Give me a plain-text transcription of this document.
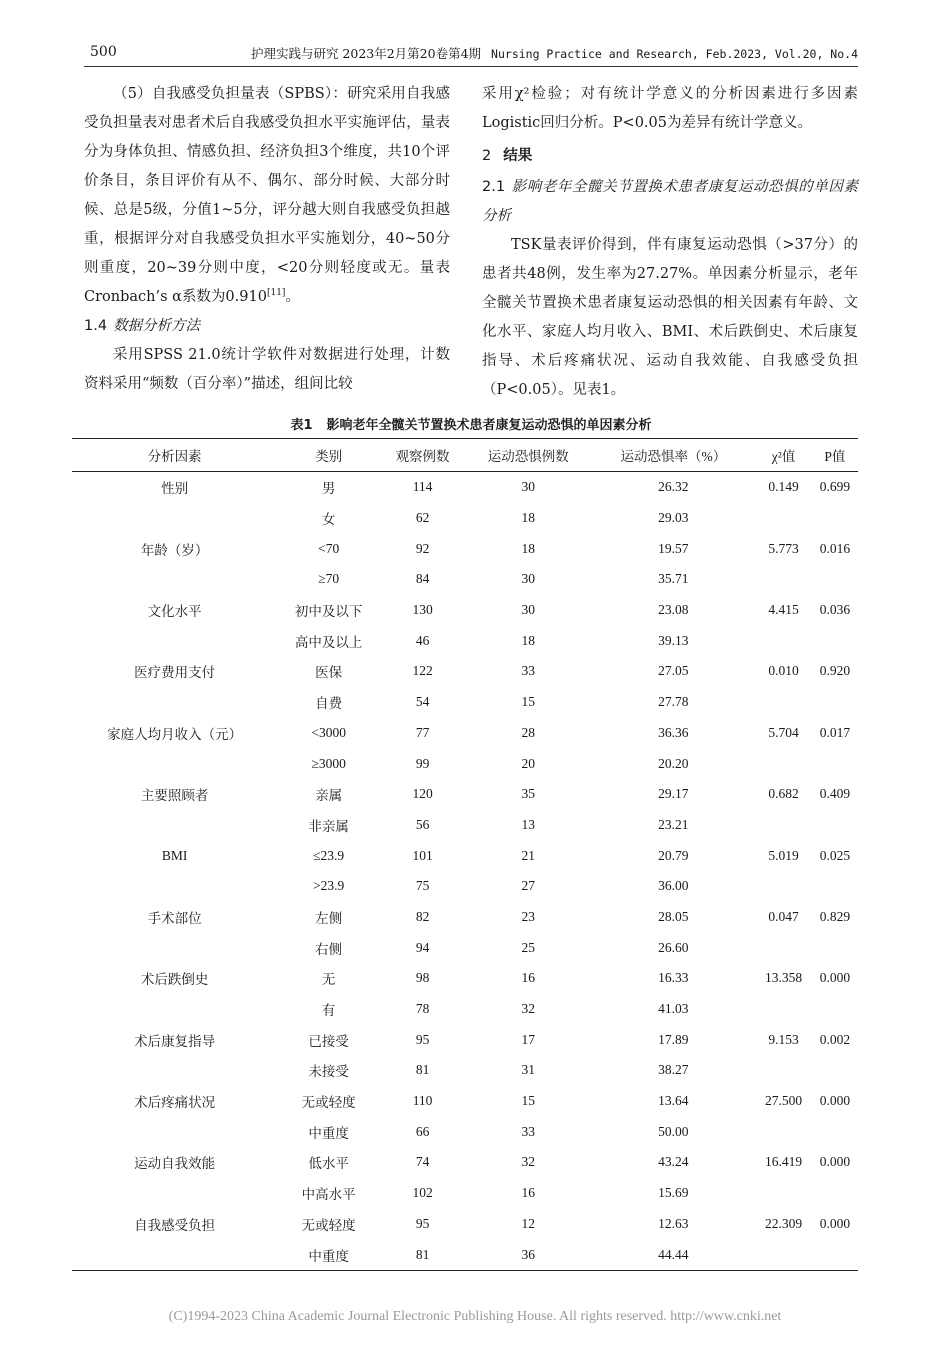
500	护理实践与研究 2023年2月第20卷第4期 Nursing Practice and Research, Feb.2023, Vol.20, No.4

（5）自我感受负担量表（SPBS）：研究采用自我感受负担量表对患者术后自我感受负担水平实施评估，量表分为身体负担、情感负担、经济负担3个维度，共10个评价条目，条目评价有从不、偶尔、部分时候、大部分时候、总是5级，分值1~5分，评分越大则自我感受负担越重，根据评分对自我感受负担水平实施划分，40~50分则重度，20~39分则中度，<20分则轻度或无。量表Cronbach’s α系数为0.910[11]。

1.4 数据分析方法

采用SPSS 21.0统计学软件对数据进行处理，计数资料采用“频数（百分率）”描述，组间比较

采用χ²检验；对有统计学意义的分析因素进行多因素Logistic回归分析。P<0.05为差异有统计学意义。

2 结果

2.1 影响老年全髋关节置换术患者康复运动恐惧的单因素分析

TSK量表评价得到，伴有康复运动恐惧（>37分）的患者共48例，发生率为27.27%。单因素分析显示，老年全髋关节置换术患者康复运动恐惧的相关因素有年龄、文化水平、家庭人均月收入、BMI、术后跌倒史、术后康复指导、术后疼痛状况、运动自我效能、自我感受负担（P<0.05）。见表1。

表1 影响老年全髋关节置换术患者康复运动恐惧的单因素分析
分析因素	类别	观察例数	运动恐惧例数	运动恐惧率（%）	χ²值	P值
性别	男	114	30	26.32	0.149	0.699
	女	62	18	29.03		
年龄（岁）	<70	92	18	19.57	5.773	0.016
	≥70	84	30	35.71		
文化水平	初中及以下	130	30	23.08	4.415	0.036
	高中及以上	46	18	39.13		
医疗费用支付	医保	122	33	27.05	0.010	0.920
	自费	54	15	27.78		
家庭人均月收入（元）	<3000	77	28	36.36	5.704	0.017
	≥3000	99	20	20.20		
主要照顾者	亲属	120	35	29.17	0.682	0.409
	非亲属	56	13	23.21		
BMI	≤23.9	101	21	20.79	5.019	0.025
	>23.9	75	27	36.00		
手术部位	左侧	82	23	28.05	0.047	0.829
	右侧	94	25	26.60		
术后跌倒史	无	98	16	16.33	13.358	0.000
	有	78	32	41.03		
术后康复指导	已接受	95	17	17.89	9.153	0.002
	未接受	81	31	38.27		
术后疼痛状况	无或轻度	110	15	13.64	27.500	0.000
	中重度	66	33	50.00		
运动自我效能	低水平	74	32	43.24	16.419	0.000
	中高水平	102	16	15.69		
自我感受负担	无或轻度	95	12	12.63	22.309	0.000
	中重度	81	36	44.44		
(C)1994-2023 China Academic Journal Electronic Publishing House. All rights reserved. http://www.cnki.net
